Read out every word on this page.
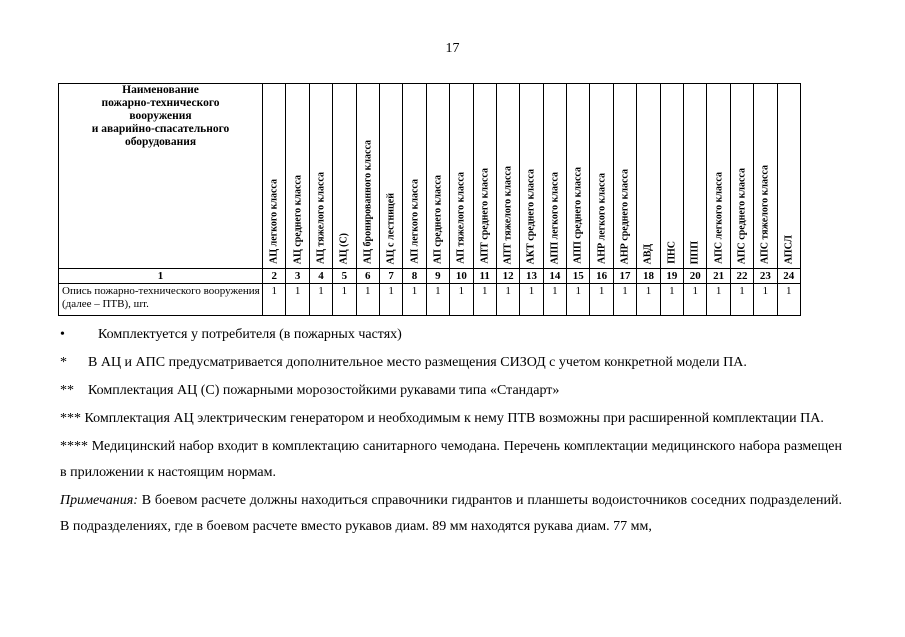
17
Наименование
пожарно-технического
вооружения
и аварийно-спасательного
оборудования	АЦ легкого класса	АЦ среднего класса	АЦ тяжелого класса	АЦ (С)	АЦ бронированного класса	АЦ с лестницей	АП легкого класса	АП среднего класса	АП тяжелого класса	АПТ среднего класса	АПТ тяжелого класса	АКТ среднего класса	АПП легкого класса	АПП среднего класса	АНР легкого класса	АНР среднего класса	АВД	ПНС	ППП	АПС легкого класса	АПС среднего класса	АПС тяжелого класса	АПСЛ

1	2	3	4	5	6	7	8	9	10	11	12	13	14	15	16	17	18	19	20	21	22	23	24
Опись пожарно-технического вооружения (далее – ПТВ), шт.	1	1	1	1	1	1	1	1	1	1	1	1	1	1	1	1	1	1	1	1	1	1	1

• Комплектуется у потребителя (в пожарных частях)

* В АЦ и АПС предусматривается дополнительное место размещения СИЗОД с учетом конкретной модели ПА.

** Комплектация АЦ (С) пожарными морозостойкими рукавами типа «Стандарт»

*** Комплектация АЦ электрическим генератором и необходимым к нему ПТВ возможны при расширенной комплектации ПА.

**** Медицинский набор входит в комплектацию санитарного чемодана. Перечень комплектации медицинского набора размещен в приложении к настоящим нормам.

Примечания: В боевом расчете должны находиться справочники гидрантов и планшеты водоисточников соседних подразделений. В подразделениях, где в боевом расчете вместо рукавов диам. 89 мм находятся рукава диам. 77 мм,
